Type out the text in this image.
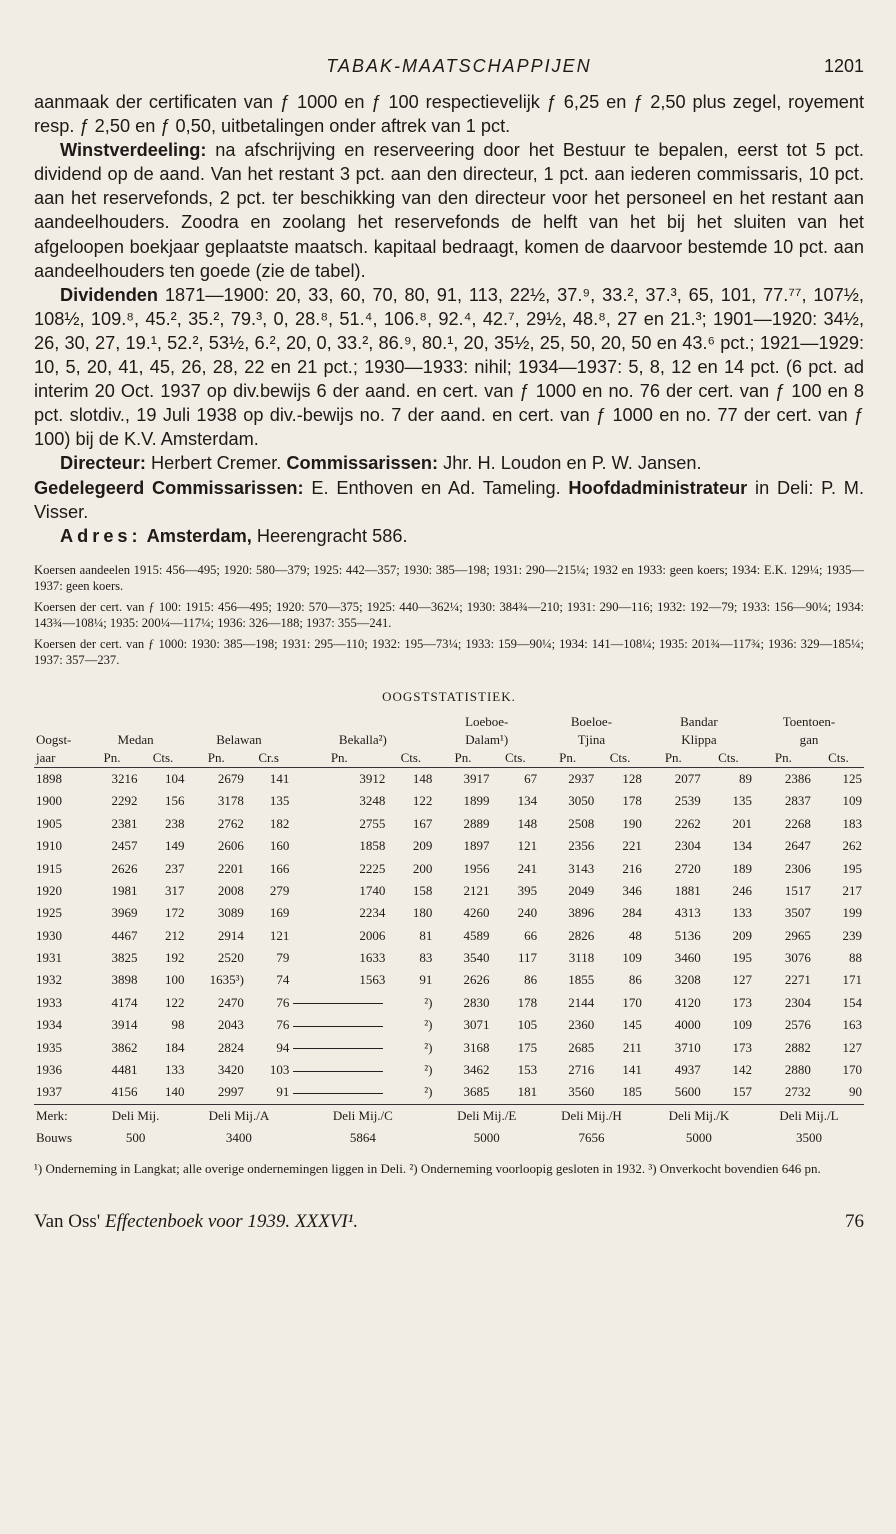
TABAK-MAATSCHAPPIJEN	1201

aanmaak der certificaten van ƒ 1000 en ƒ 100 respectievelijk ƒ 6,25 en ƒ 2,50 plus zegel, royement resp. ƒ 2,50 en ƒ 0,50, uitbetalingen onder aftrek van 1 pct.

Winstverdeeling: na afschrijving en reserveering door het Bestuur te bepalen, eerst tot 5 pct. dividend op de aand. Van het restant 3 pct. aan den directeur, 1 pct. aan iederen commissaris, 10 pct. aan het reservefonds, 2 pct. ter beschikking van den directeur voor het personeel en het restant aan aandeelhouders. Zoodra en zoolang het reservefonds de helft van het bij het sluiten van het afgeloopen boekjaar geplaatste maatsch. kapitaal bedraagt, komen de daarvoor bestemde 10 pct. aan aandeelhouders ten goede (zie de tabel).

Dividenden 1871—1900: 20, 33, 60, 70, 80, 91, 113, 22½, 37.⁹, 33.², 37.³, 65, 101, 77.⁷⁷, 107½, 108½, 109.⁸, 45.², 35.², 79.³, 0, 28.⁸, 51.⁴, 106.⁸, 92.⁴, 42.⁷, 29½, 48.⁸, 27 en 21.³; 1901—1920: 34½, 26, 30, 27, 19.¹, 52.², 53½, 6.², 20, 0, 33.², 86.⁹, 80.¹, 20, 35½, 25, 50, 20, 50 en 43.⁶ pct.; 1921—1929: 10, 5, 20, 41, 45, 26, 28, 22 en 21 pct.; 1930—1933: nihil; 1934—1937: 5, 8, 12 en 14 pct. (6 pct. ad interim 20 Oct. 1937 op div.bewijs 6 der aand. en cert. van ƒ 1000 en no. 76 der cert. van ƒ 100 en 8 pct. slotdiv., 19 Juli 1938 op div.-bewijs no. 7 der aand. en cert. van ƒ 1000 en no. 77 der cert. van ƒ 100) bij de K.V. Amsterdam.

Directeur: Herbert Cremer. Commissarissen: Jhr. H. Loudon en P. W. Jansen.

Gedelegeerd Commissarissen: E. Enthoven en Ad. Tameling. Hoofdadministrateur in Deli: P. M. Visser.

Adres: Amsterdam, Heerengracht 586.

Koersen aandeelen 1915: 456—495; 1920: 580—379; 1925: 442—357; 1930: 385—198; 1931: 290—215¼; 1932 en 1933: geen koers; 1934: E.K. 129¼; 1935—1937: geen koers.

Koersen der cert. van ƒ 100: 1915: 456—495; 1920: 570—375; 1925: 440—362¼; 1930: 384¾—210; 1931: 290—116; 1932: 192—79; 1933: 156—90¼; 1934: 143¾—108¼; 1935: 200¼—117¼; 1936: 326—188; 1937: 355—241.

Koersen der cert. van ƒ 1000: 1930: 385—198; 1931: 295—110; 1932: 195—73¼; 1933: 159—90¼; 1934: 141—108¼; 1935: 201¾—117¾; 1936: 329—185¼; 1937: 357—237.

OOGSTSTATISTIEK.
							Loeboe-		Boeloe-		Bandar		Toentoen-	
Oogst-	Medan		Belawan		Bekalla²)		Dalam¹)		Tjina		Klippa		gan	
jaar	Pn.	Cts.	Pn.	Cr.s	Pn.	Cts.	Pn.	Cts.	Pn.	Cts.	Pn.	Cts.	Pn.	Cts.
1898	3216	104	2679	141	3912	148	3917	67	2937	128	2077	89	2386	125
1900	2292	156	3178	135	3248	122	1899	134	3050	178	2539	135	2837	109
1905	2381	238	2762	182	2755	167	2889	148	2508	190	2262	201	2268	183
1910	2457	149	2606	160	1858	209	1897	121	2356	221	2304	134	2647	262
1915	2626	237	2201	166	2225	200	1956	241	3143	216	2720	189	2306	195
1920	1981	317	2008	279	1740	158	2121	395	2049	346	1881	246	1517	217
1925	3969	172	3089	169	2234	180	4260	240	3896	284	4313	133	3507	199
1930	4467	212	2914	121	2006	81	4589	66	2826	48	5136	209	2965	239
1931	3825	192	2520	79	1633	83	3540	117	3118	109	3460	195	3076	88
1932	3898	100	1635³)	74	1563	91	2626	86	1855	86	3208	127	2271	171
1933	4174	122	2470	76		²)	2830	178	2144	170	4120	173	2304	154
1934	3914	98	2043	76		²)	3071	105	2360	145	4000	109	2576	163
1935	3862	184	2824	94		²)	3168	175	2685	211	3710	173	2882	127
1936	4481	133	3420	103		²)	3462	153	2716	141	4937	142	2880	170
1937	4156	140	2997	91		²)	3685	181	3560	185	5600	157	2732	90
Merk:	Deli Mij.		Deli Mij./A		Deli Mij./C		Deli Mij./E		Deli Mij./H		Deli Mij./K		Deli Mij./L	
Bouws	500		3400		5864		5000		7656		5000		3500	
¹) Onderneming in Langkat; alle overige ondernemingen liggen in Deli. ²) Onderneming voorloopig gesloten in 1932. ³) Onverkocht bovendien 646 pn.
Van Oss' Effectenboek voor 1939. XXXVI¹.	76
